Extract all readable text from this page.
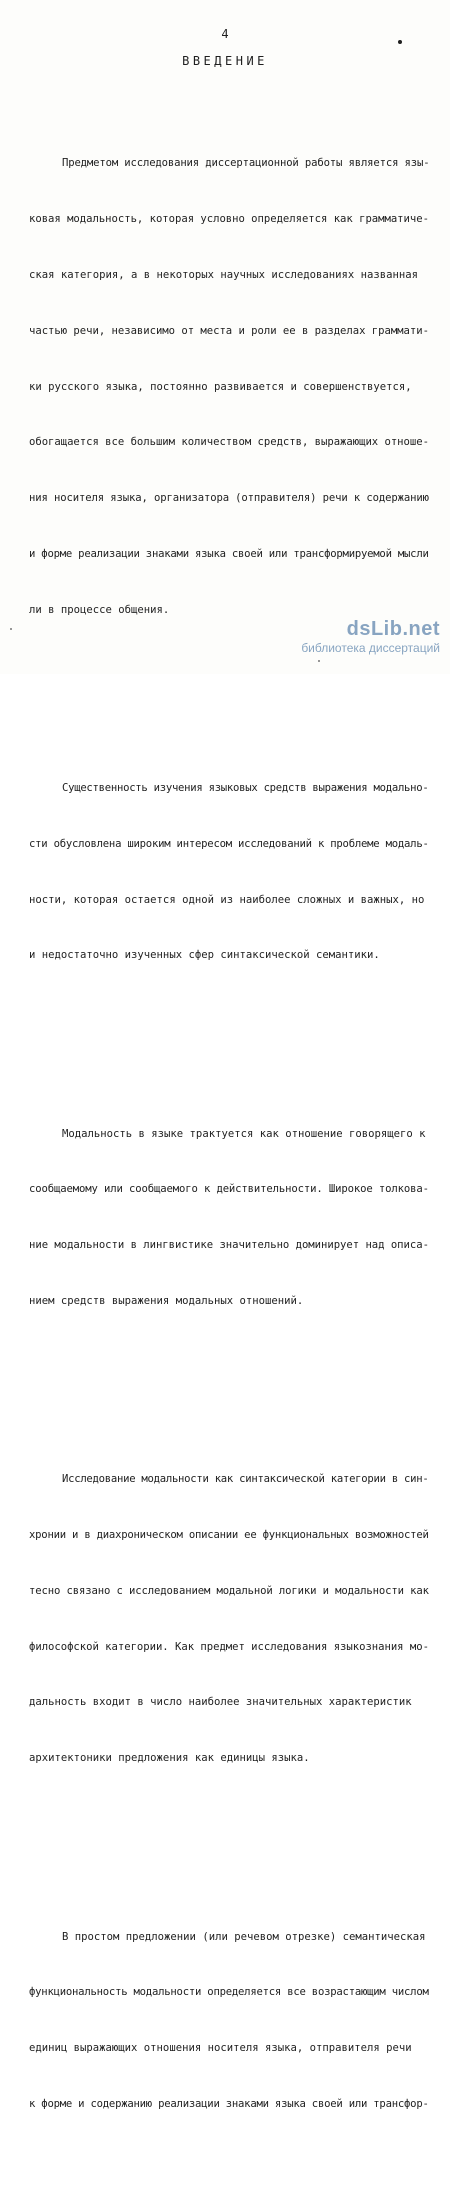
4
ВВЕДЕНИЕ

Предметом исследования диссертационной работы является язы-

ковая модальность, которая условно определяется как грамматиче-

ская категория, а в некоторых научных исследованиях названная

частью речи, независимо от места и роли ее в разделах граммати-

ки русского языка, постоянно развивается и совершенствуется,

обогащается все большим количеством средств, выражающих отноше-

ния носителя языка, организатора (отправителя) речи к содержанию

и форме реализации знаками языка своей или трансформируемой мысли

ли в процессе общения.

Существенность изучения языковых средств выражения модально-

сти обусловлена широким интересом исследований к проблеме модаль-

ности, которая остается одной из наиболее сложных и важных, но

и недостаточно изученных сфер синтаксической семантики.

Модальность в языке трактуется как отношение говорящего к

сообщаемому или сообщаемого к действительности. Широкое толкова-

ние модальности в лингвистике значительно доминирует над описа-

нием средств выражения модальных отношений.

Исследование модальности как синтаксической категории в син-

хронии и в диахроническом описании ее функциональных возможностей

тесно связано с исследованием модальной логики и модальности как

философской категории. Как предмет исследования языкознания мо-

дальность входит в число наиболее значительных характеристик

архитектоники предложения как единицы языка.

В простом предложении (или речевом отрезке) семантическая

функциональность модальности определяется все возрастающим числом

единиц выражающих отношения носителя языка, отправителя речи

к форме и содержанию реализации знаками языка своей или трансфор-

dsLib.net
библиотека диссертаций
